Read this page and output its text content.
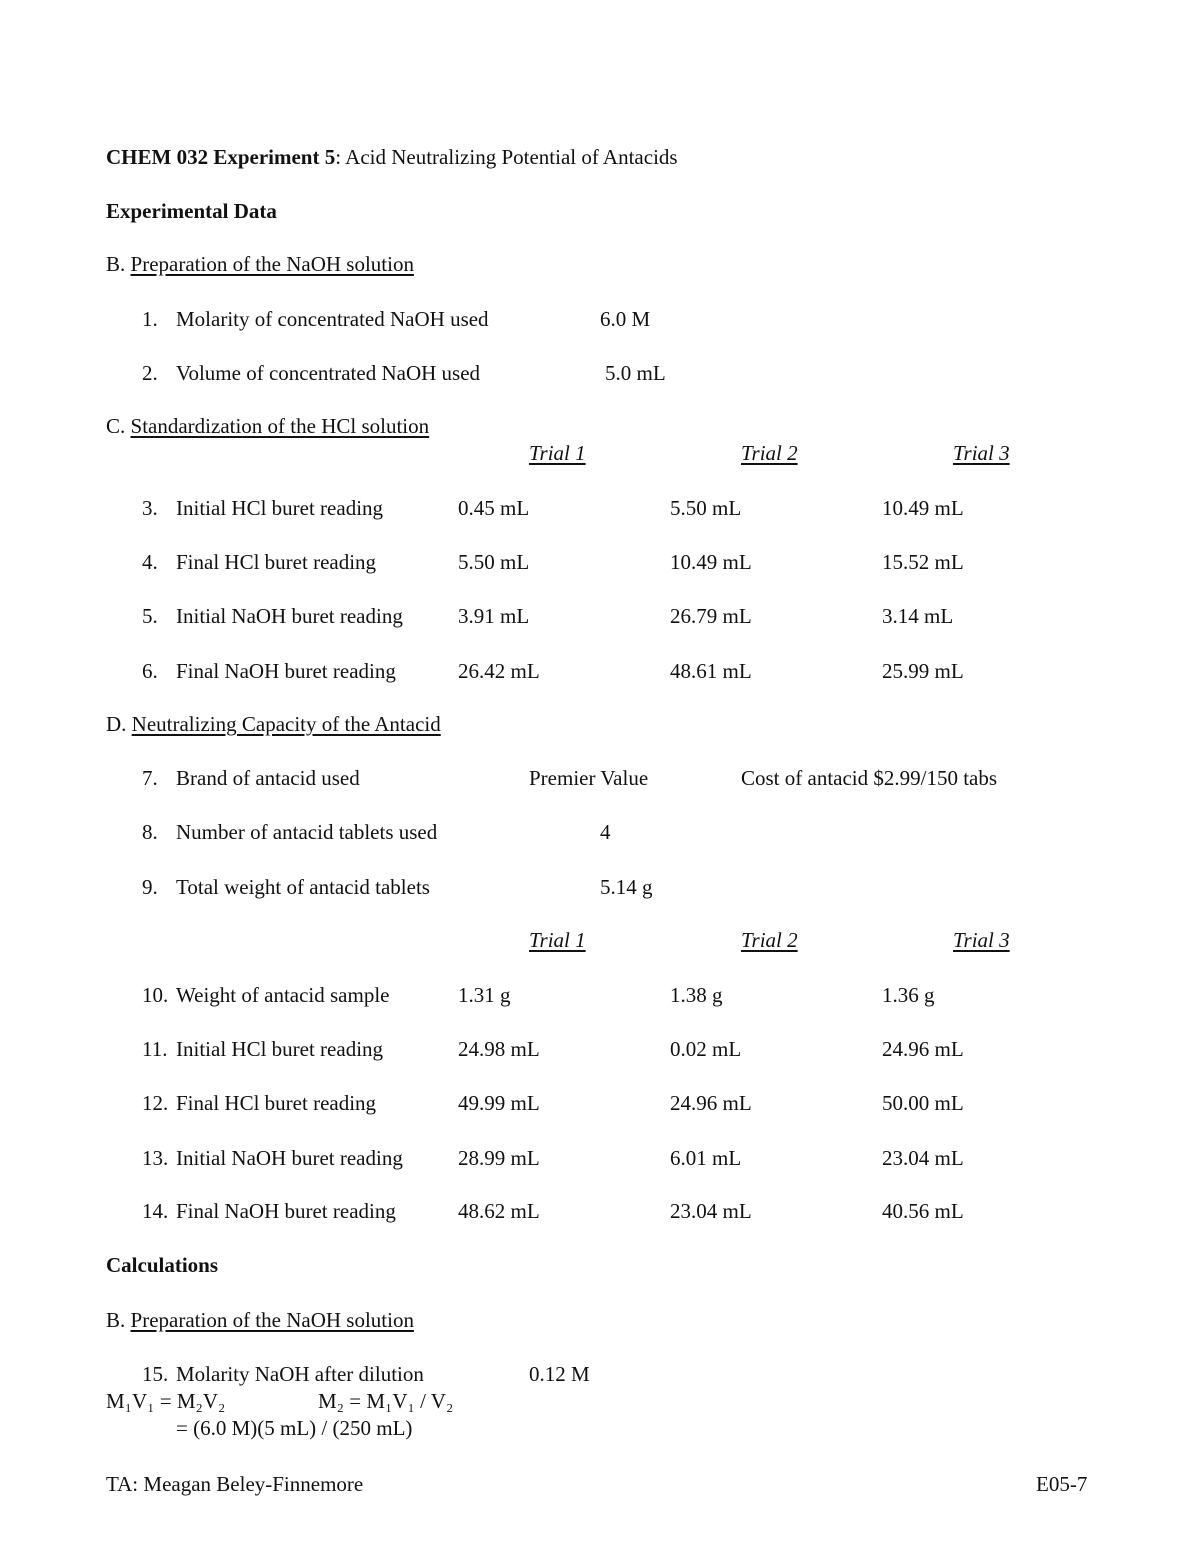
CHEM 032 Experiment 5: Acid Neutralizing Potential of Antacids
Experimental Data
B. Preparation of the NaOH solution
1. Molarity of concentrated NaOH used	6.0 M
2. Volume of concentrated NaOH used	5.0 mL
C. Standardization of the HCl solution
Trial 1	Trial 2	Trial 3
3. Initial HCl buret reading	0.45 mL	5.50 mL	10.49 mL
4. Final HCl buret reading	5.50 mL	10.49 mL	15.52 mL
5. Initial NaOH buret reading	3.91 mL	26.79 mL	3.14 mL
6. Final NaOH buret reading	26.42 mL	48.61 mL	25.99 mL
D. Neutralizing Capacity of the Antacid
7. Brand of antacid used	Premier Value	Cost of antacid $2.99/150 tabs
8. Number of antacid tablets used	4
9. Total weight of antacid tablets	5.14 g
Trial 1	Trial 2	Trial 3
10. Weight of antacid sample	1.31 g	1.38 g	1.36 g
11. Initial HCl buret reading	24.98 mL	0.02 mL	24.96 mL
12. Final HCl buret reading	49.99 mL	24.96 mL	50.00 mL
13. Initial NaOH buret reading	28.99 mL	6.01 mL	23.04 mL
14. Final NaOH buret reading	48.62 mL	23.04 mL	40.56 mL
Calculations
B. Preparation of the NaOH solution
15. Molarity NaOH after dilution	0.12 M
M₁V₁ = M₂V₂	M₂ = M₁V₁ / V₂
= (6.0 M)(5 mL) / (250 mL)
TA: Meagan Beley-Finnemore	E05-7
